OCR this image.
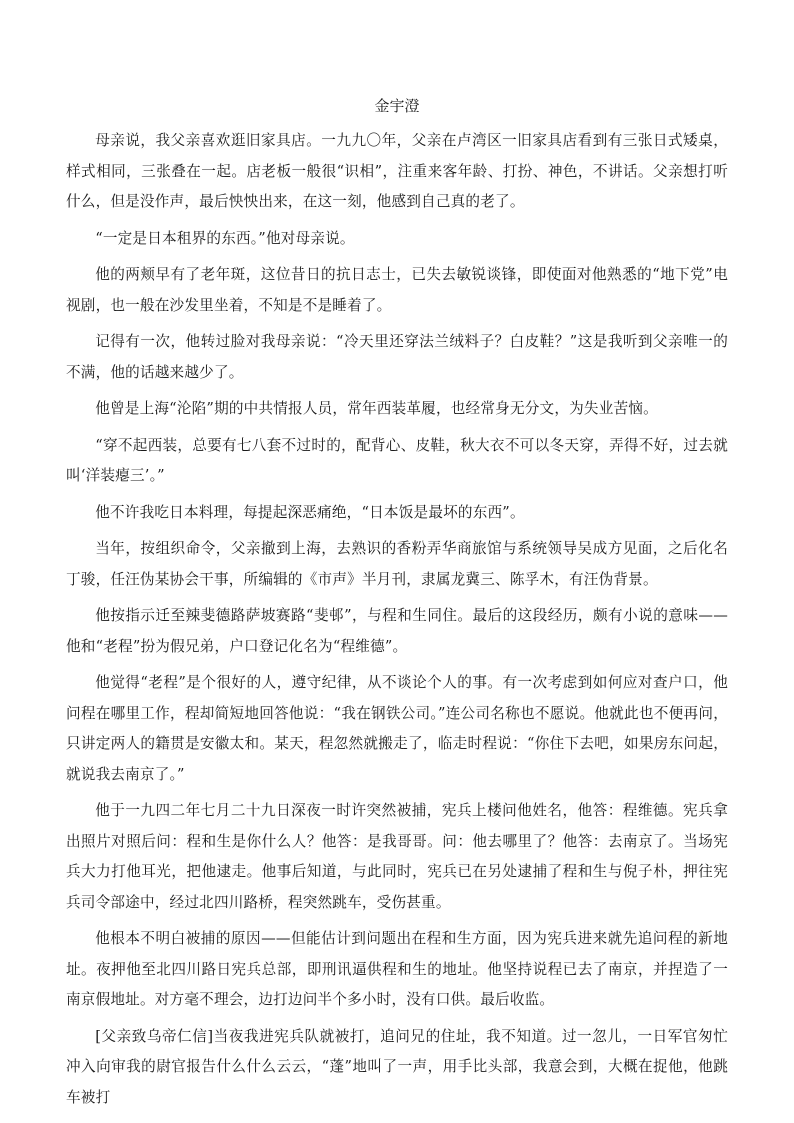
金宇澄

母亲说，我父亲喜欢逛旧家具店。一九九〇年，父亲在卢湾区一旧家具店看到有三张日式矮桌，样式相同，三张叠在一起。店老板一般很“识相”，注重来客年龄、打扮、神色，不讲话。父亲想打听什么，但是没作声，最后怏怏出来，在这一刻，他感到自己真的老了。

“一定是日本租界的东西。”他对母亲说。

他的两颊早有了老年斑，这位昔日的抗日志士，已失去敏锐谈锋，即使面对他熟悉的“地下党”电视剧，也一般在沙发里坐着，不知是不是睡着了。

记得有一次，他转过脸对我母亲说：“冷天里还穿法兰绒料子？白皮鞋？”这是我听到父亲唯一的不满，他的话越来越少了。

他曾是上海“沦陷”期的中共情报人员，常年西装革履，也经常身无分文，为失业苦恼。

“穿不起西装，总要有七八套不过时的，配背心、皮鞋，秋大衣不可以冬天穿，弄得不好，过去就叫‘洋装瘪三’。”

他不许我吃日本料理，每提起深恶痛绝，“日本饭是最坏的东西”。

当年，按组织命令，父亲撤到上海，去熟识的香粉弄华商旅馆与系统领导吴成方见面，之后化名丁骏，任汪伪某协会干事，所编辑的《市声》半月刊，隶属龙冀三、陈孚木，有汪伪背景。

他按指示迁至辣斐德路萨坡赛路“斐邨”，与程和生同住。最后的这段经历，颇有小说的意味——他和“老程”扮为假兄弟，户口登记化名为“程维德”。

他觉得“老程”是个很好的人，遵守纪律，从不谈论个人的事。有一次考虑到如何应对查户口，他问程在哪里工作，程却简短地回答他说：“我在钢铁公司。”连公司名称也不愿说。他就此也不便再问，只讲定两人的籍贯是安徽太和。某天，程忽然就搬走了，临走时程说：“你住下去吧，如果房东问起，就说我去南京了。”

他于一九四二年七月二十九日深夜一时许突然被捕，宪兵上楼问他姓名，他答：程维德。宪兵拿出照片对照后问：程和生是你什么人？他答：是我哥哥。问：他去哪里了？他答：去南京了。当场宪兵大力打他耳光，把他逮走。他事后知道，与此同时，宪兵已在另处逮捕了程和生与倪子朴，押往宪兵司令部途中，经过北四川路桥，程突然跳车，受伤甚重。

他根本不明白被捕的原因——但能估计到问题出在程和生方面，因为宪兵进来就先追问程的新地址。夜押他至北四川路日宪兵总部，即刑讯逼供程和生的地址。他坚持说程已去了南京，并捏造了一南京假地址。对方毫不理会，边打边问半个多小时，没有口供。最后收监。

[父亲致乌帝仁信]当夜我进宪兵队就被打，追问兄的住址，我不知道。过一忽儿，一日军官匆忙冲入向审我的尉官报告什么什么云云，“蓬”地叫了一声，用手比头部，我意会到，大概在捉他，他跳车被打
